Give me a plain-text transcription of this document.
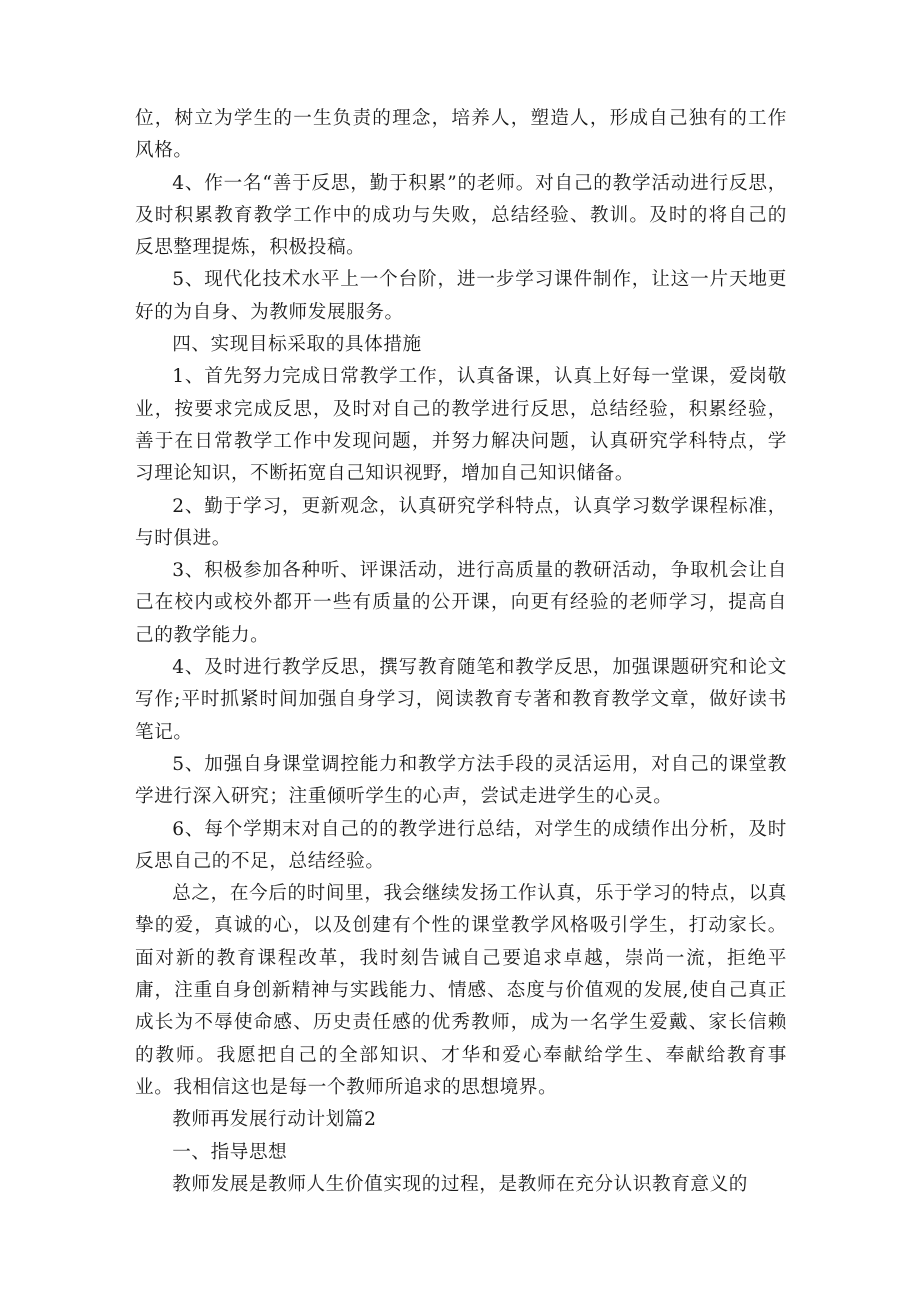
位，树立为学生的一生负责的理念，培养人，塑造人，形成自己独有的工作风格。

4、作一名“善于反思，勤于积累”的老师。对自己的教学活动进行反思，及时积累教育教学工作中的成功与失败，总结经验、教训。及时的将自己的反思整理提炼，积极投稿。

5、现代化技术水平上一个台阶，进一步学习课件制作，让这一片天地更好的为自身、为教师发展服务。

四、实现目标采取的具体措施

1、首先努力完成日常教学工作，认真备课，认真上好每一堂课，爱岗敬业，按要求完成反思，及时对自己的教学进行反思，总结经验，积累经验，善于在日常教学工作中发现问题，并努力解决问题，认真研究学科特点，学习理论知识，不断拓宽自己知识视野，增加自己知识储备。

2、勤于学习，更新观念，认真研究学科特点，认真学习数学课程标准，与时俱进。

3、积极参加各种听、评课活动，进行高质量的教研活动，争取机会让自己在校内或校外都开一些有质量的公开课，向更有经验的老师学习，提高自己的教学能力。

4、及时进行教学反思，撰写教育随笔和教学反思，加强课题研究和论文写作;平时抓紧时间加强自身学习，阅读教育专著和教育教学文章，做好读书笔记。

5、加强自身课堂调控能力和教学方法手段的灵活运用，对自己的课堂教学进行深入研究；注重倾听学生的心声，尝试走进学生的心灵。

6、每个学期末对自己的的教学进行总结，对学生的成绩作出分析，及时反思自己的不足，总结经验。

总之，在今后的时间里，我会继续发扬工作认真，乐于学习的特点，以真挚的爱，真诚的心，以及创建有个性的课堂教学风格吸引学生，打动家长。面对新的教育课程改革，我时刻告诫自己要追求卓越，崇尚一流，拒绝平庸，注重自身创新精神与实践能力、情感、态度与价值观的发展,使自己真正成长为不辱使命感、历史责任感的优秀教师，成为一名学生爱戴、家长信赖的教师。我愿把自己的全部知识、才华和爱心奉献给学生、奉献给教育事业。我相信这也是每一个教师所追求的思想境界。

教师再发展行动计划篇2

一、指导思想

教师发展是教师人生价值实现的过程，是教师在充分认识教育意义的
